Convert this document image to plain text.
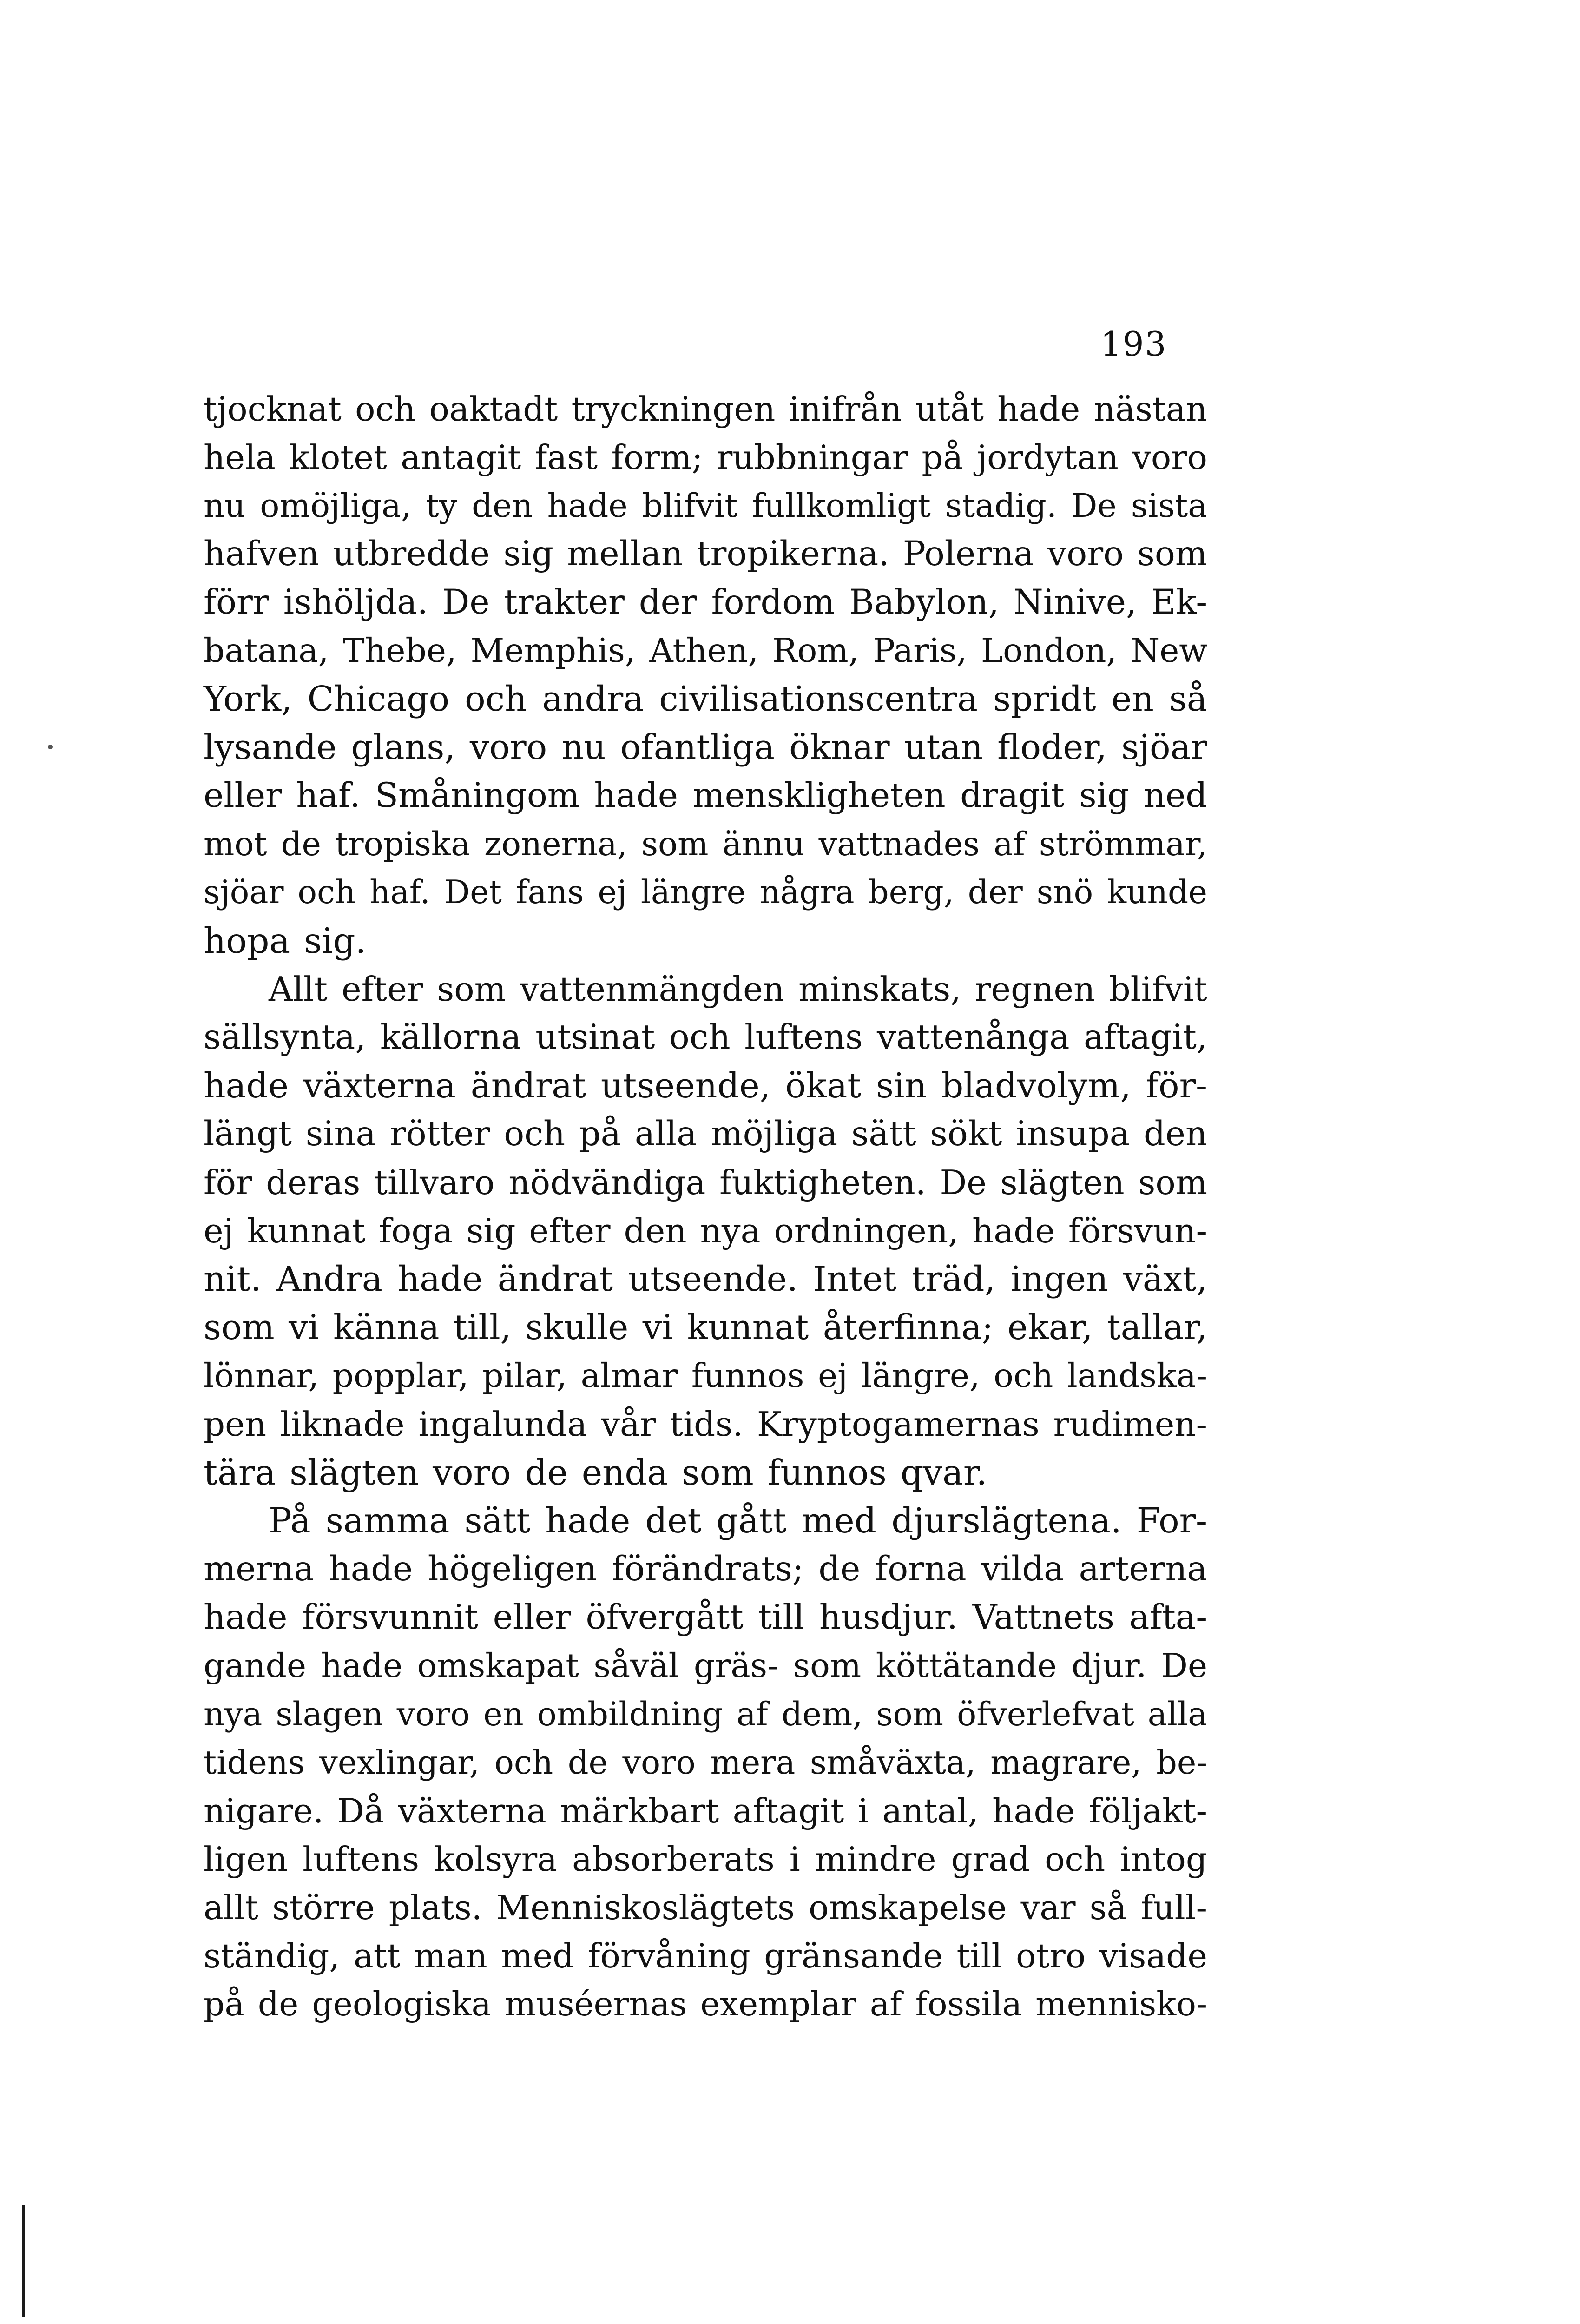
193
tjocknat och oaktadt tryckningen inifrån utåt hade nästan
hela klotet antagit fast form; rubbningar på jordytan voro
nu omöjliga, ty den hade blifvit fullkomligt stadig. De sista
hafven utbredde sig mellan tropikerna. Polerna voro som
förr ishöljda. De trakter der fordom Babylon, Ninive, Ek-
batana, Thebe, Memphis, Athen, Rom, Paris, London, New
York, Chicago och andra civilisationscentra spridt en så
lysande glans, voro nu ofantliga öknar utan floder, sjöar
eller haf. Småningom hade menskligheten dragit sig ned
mot de tropiska zonerna, som ännu vattnades af strömmar,
sjöar och haf. Det fans ej längre några berg, der snö kunde
hopa sig.
Allt efter som vattenmängden minskats, regnen blifvit
sällsynta, källorna utsinat och luftens vattenånga aftagit,
hade växterna ändrat utseende, ökat sin bladvolym, för-
längt sina rötter och på alla möjliga sätt sökt insupa den
för deras tillvaro nödvändiga fuktigheten. De slägten som
ej kunnat foga sig efter den nya ordningen, hade försvun-
nit. Andra hade ändrat utseende. Intet träd, ingen växt,
som vi känna till, skulle vi kunnat återfinna; ekar, tallar,
lönnar, popplar, pilar, almar funnos ej längre, och landska-
pen liknade ingalunda vår tids. Kryptogamernas rudimen-
tära slägten voro de enda som funnos qvar.
På samma sätt hade det gått med djurslägtena. For-
merna hade högeligen förändrats; de forna vilda arterna
hade försvunnit eller öfvergått till husdjur. Vattnets afta-
gande hade omskapat såväl gräs- som köttätande djur. De
nya slagen voro en ombildning af dem, som öfverlefvat alla
tidens vexlingar, och de voro mera småväxta, magrare, be-
nigare. Då växterna märkbart aftagit i antal, hade följakt-
ligen luftens kolsyra absorberats i mindre grad och intog
allt större plats. Menniskoslägtets omskapelse var så full-
ständig, att man med förvåning gränsande till otro visade
på de geologiska muséernas exemplar af fossila mennisko-
